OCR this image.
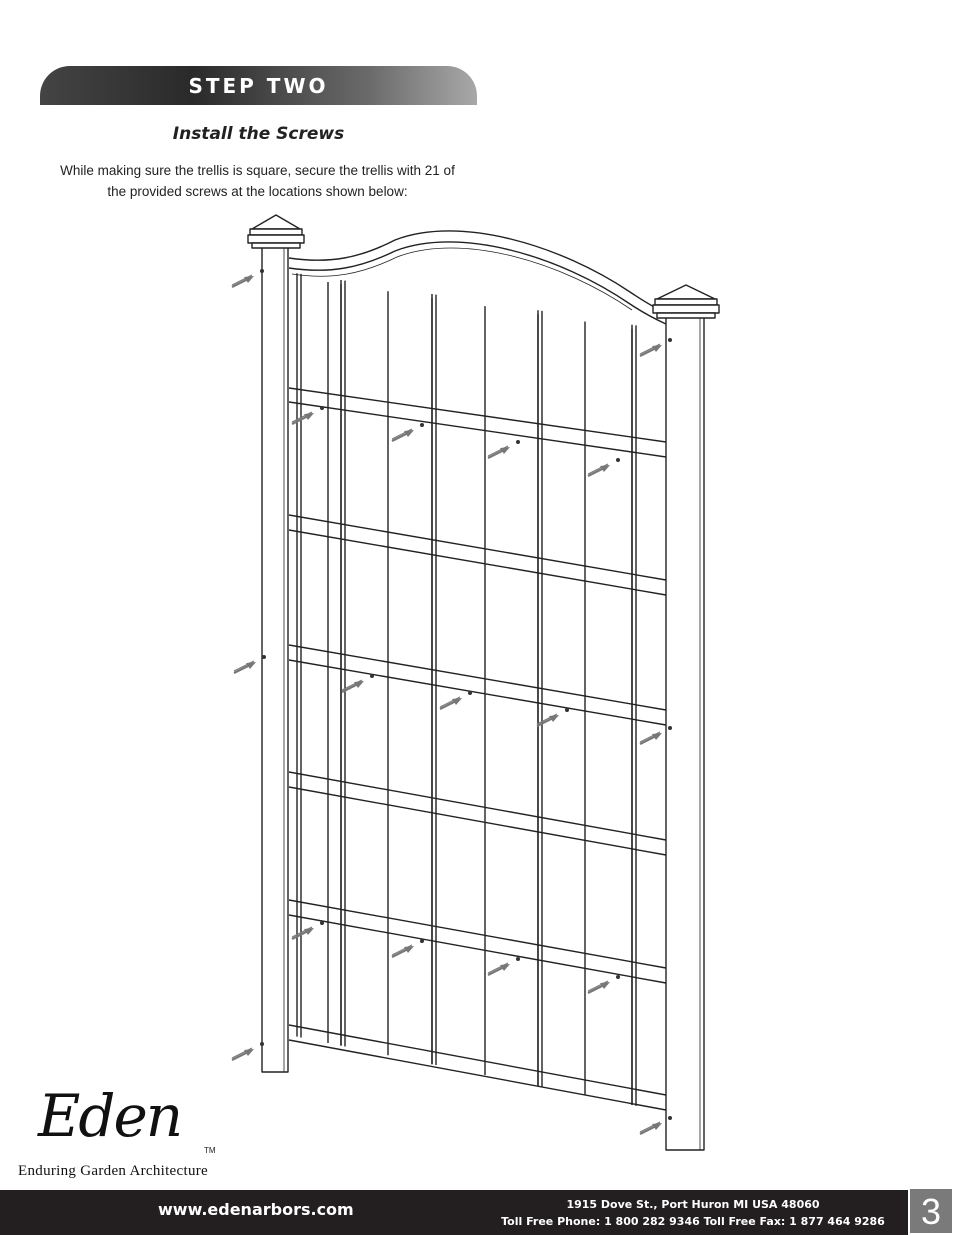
STEP TWO
Install the Screws
While making sure the trellis is square, secure the trellis with 21 of
the provided screws at the locations shown below:
Eden
TM
Enduring Garden Architecture
www.edenarbors.com	1915 Dove St., Port Huron MI USA 48060
Toll Free Phone: 1 800 282 9346 Toll Free Fax: 1 877 464 9286	3
